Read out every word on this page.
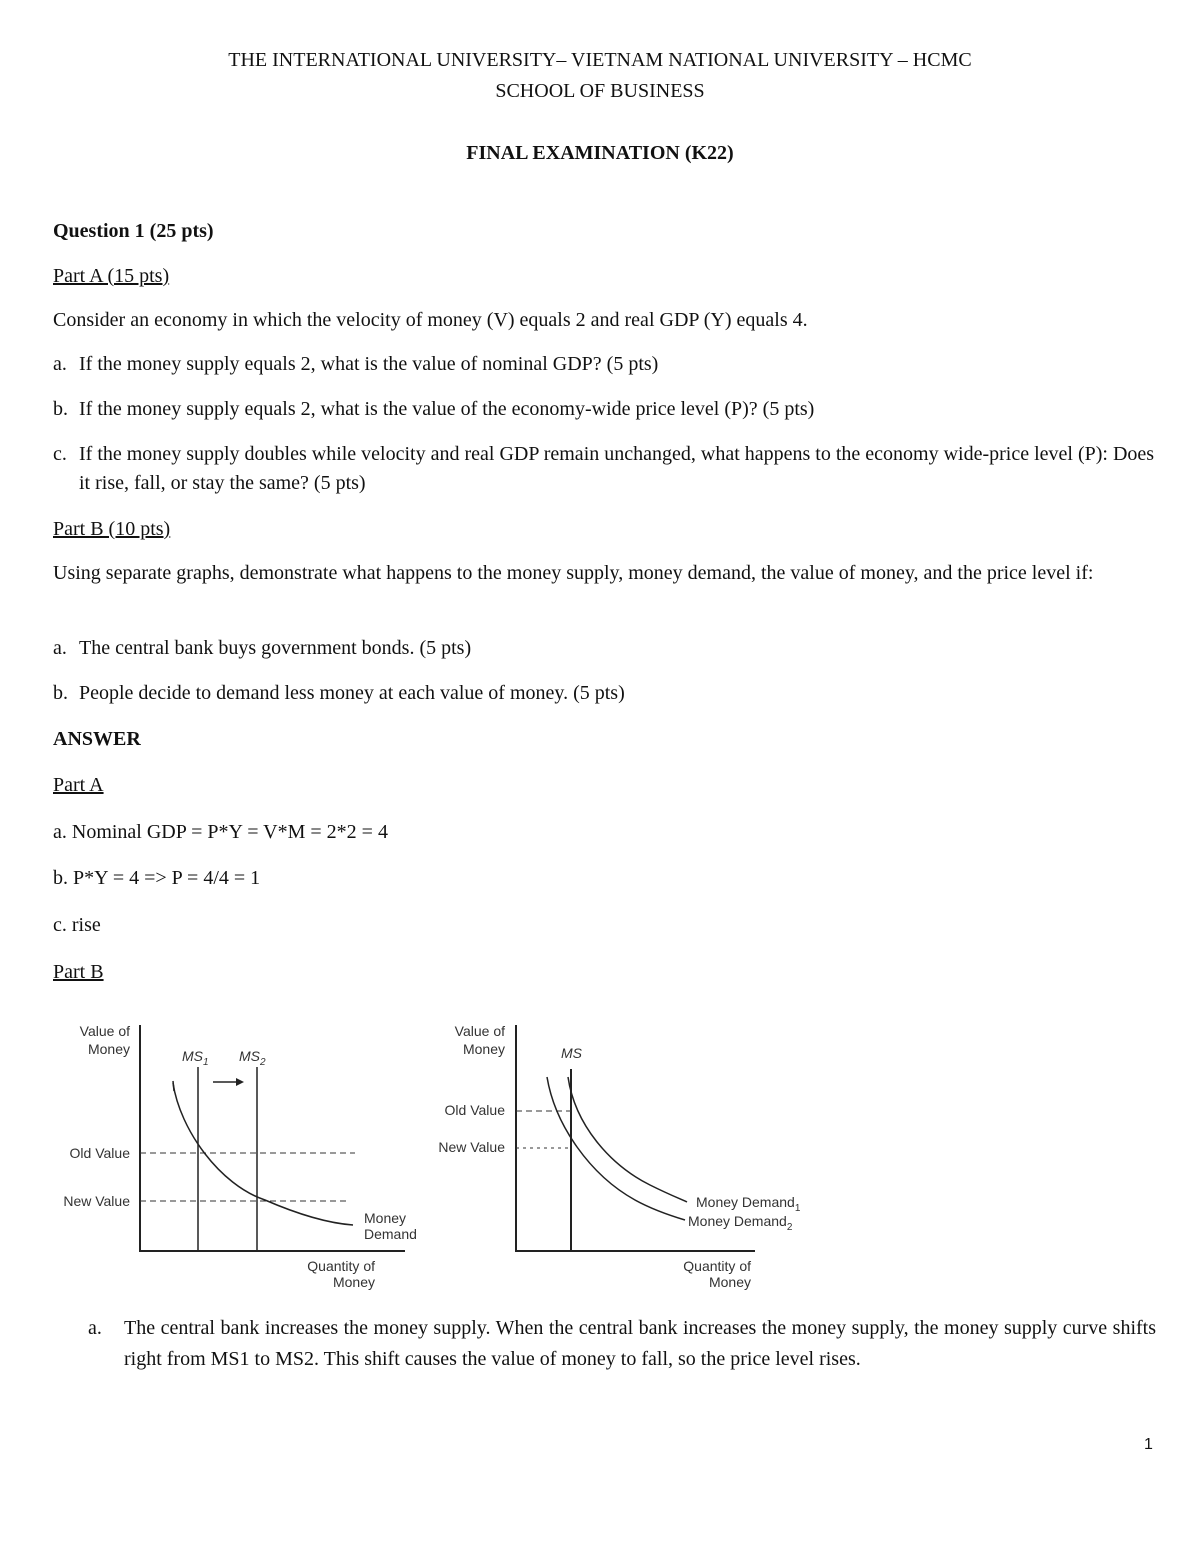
THE INTERNATIONAL UNIVERSITY– VIETNAM NATIONAL UNIVERSITY – HCMC
SCHOOL OF BUSINESS
FINAL EXAMINATION (K22)
Question 1 (25 pts)
Part A (15 pts)
Consider an economy in which the velocity of money (V) equals 2 and real GDP (Y) equals 4.
a. If the money supply equals 2, what is the value of nominal GDP? (5 pts)
b. If the money supply equals 2, what is the value of the economy-wide price level (P)? (5 pts)
c. If the money supply doubles while velocity and real GDP remain unchanged, what happens to the economy wide-price level (P): Does it rise, fall, or stay the same? (5 pts)
Part B (10 pts)
Using separate graphs, demonstrate what happens to the money supply, money demand, the value of money, and the price level if:
a. The central bank buys government bonds. (5 pts)
b. People decide to demand less money at each value of money. (5 pts)
ANSWER
Part A
a. Nominal GDP = P*Y = V*M = 2*2 = 4
b. P*Y = 4 => P = 4/4 = 1
c. rise
Part B
Value of
Money
Quantity of
Money
$MS_1$ $MS_2$
Old Value
New Value
Money
Demand
Value of
Money
Quantity of
Money
MS
Old Value
New Value
Money Demand$_1$
Money Demand$_2$
a.	The central bank increases the money supply. When the central bank increases the money supply, the money supply curve shifts right from MS1 to MS2. This shift causes the value of money to fall, so the price level rises.
1
